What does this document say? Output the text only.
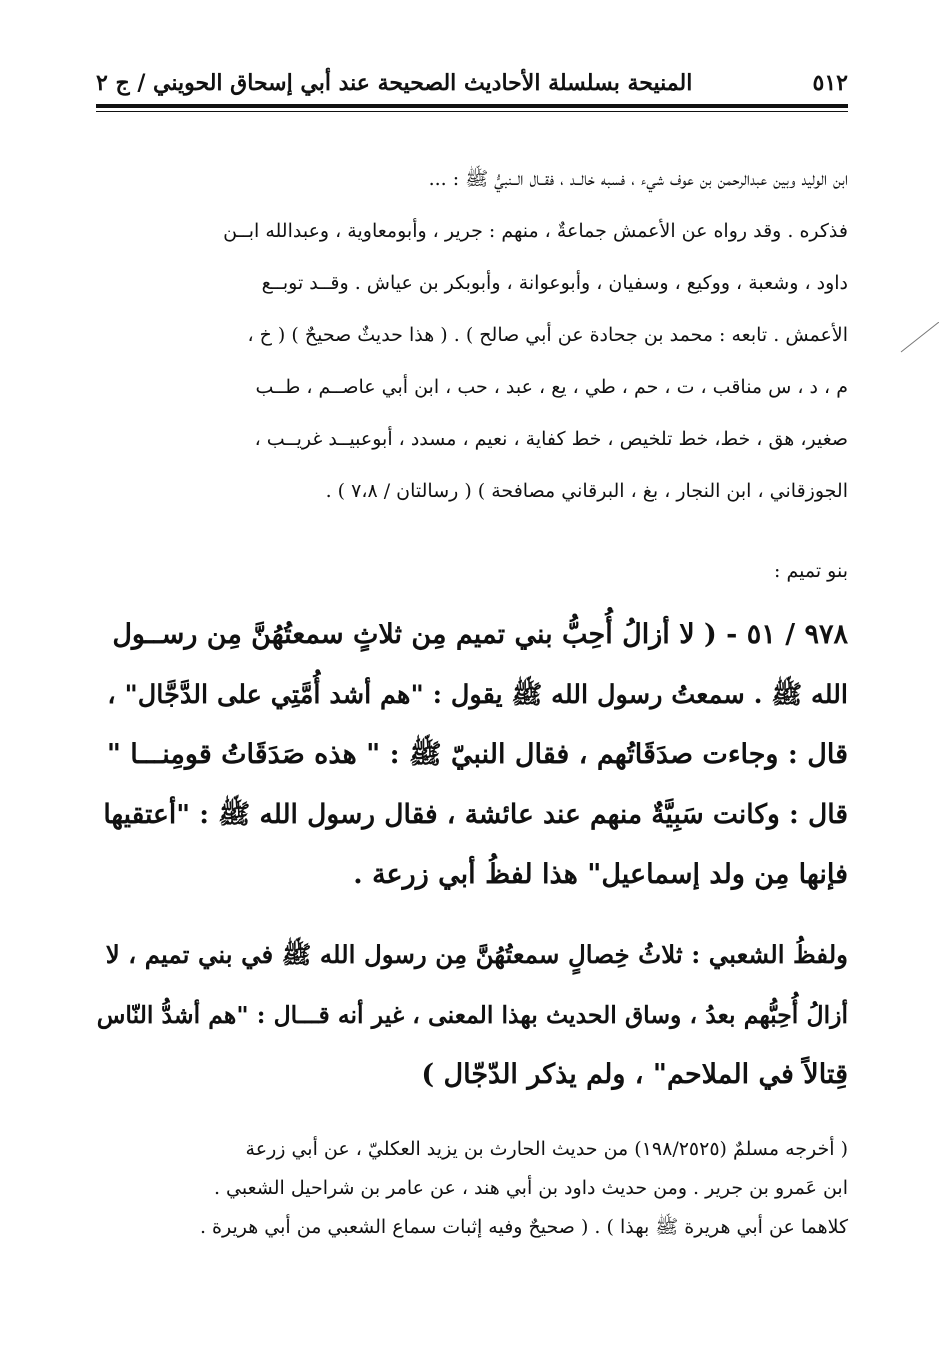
٥١٢
المنيحة بسلسلة الأحاديث الصحيحة عند أبي إسحاق الحويني / ج ٢
ابن الوليد وبين عبدالرحمن بن عوف شيء ، فسبه خالــد ، فقــال الــنبيُّ ﷺ : ...
فذكره . وقد رواه عن الأعمش جماعةٌ ، منهم : جرير ، وأبومعاوية ، وعبدالله ابــن
داود ، وشعبة ، ووكيع ، وسفيان ، وأبوعوانة ، وأبوبكر بن عياش . وقــد توبــع
الأعمش . تابعه : محمد بن جحادة عن أبي صالح ) . ( هذا حديثٌ صحيحٌ ) ( خ ،
م ، د ، س مناقب ، ت ، حم ، طي ، يع ، عبد ، حب ، ابن أبي عاصــم ، طــب
صغير، هق ، خط، خط تلخيص ، خط كفاية ، نعيم ، مسدد ، أبوعبيــد غريــب ،
الجوزقاني ، ابن النجار ، بغ ، البرقاني مصافحة ) ( رسالتان / ٧،٨ ) .
بنو تميم :
٩٧٨ / ٥١ - ( لا أزالُ أُحِبُّ بني تميم مِن ثلاثٍ سمعتُهُنَّ مِن رســول
الله ﷺ . سمعتُ رسول الله ﷺ يقول : "هم أشد أُمَّتِي على الدَّجَّال" ،
قال : وجاءت صدَقَاتُهم ، فقال النبيّ ﷺ : " هذه صَدَقَاتُ قومِنـــا "
قال : وكانت سَبِيَّةٌ منهم عند عائشة ، فقال رسول الله ﷺ : "أعتقيها
فإنها مِن ولد إسماعيل" هذا لفظُ أبي زرعة .
ولفظُ الشعبي : ثلاثُ خِصالٍ سمعتُهُنَّ مِن رسول الله ﷺ في بني تميم ، لا
أزالُ أُحِبُّهم بعدُ ، وساق الحديث بهذا المعنى ، غير أنه قـــال : "هم أشدُّ النّاس
قِتالاً في الملاحم" ، ولم يذكر الدّجّال )
( أخرجه مسلمٌ (١٩٨/٢٥٢٥) من حديث الحارث بن يزيد العكليّ ، عن أبي زرعة
ابن عَمرو بن جرير . ومن حديث داود بن أبي هند ، عن عامر بن شراحيل الشعبي .
كلاهما عن أبي هريرة ﷺ بهذا ) . ( صحيحٌ وفيه إثبات سماع الشعبي من أبي هريرة .
